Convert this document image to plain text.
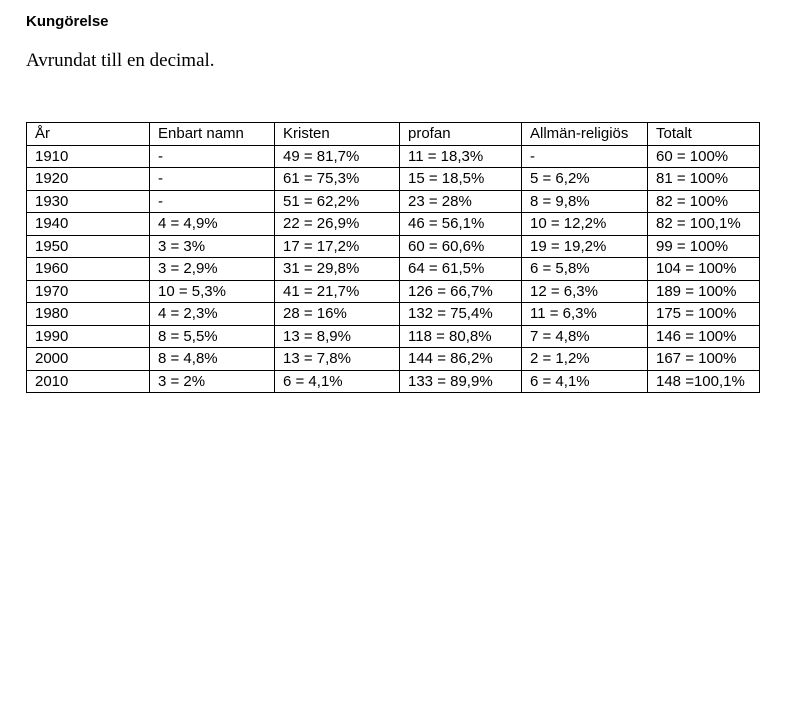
Kungörelse

Avrundat till en decimal.

År	Enbart namn	Kristen	profan	Allmän-religiös	Totalt
1910	-	49 = 81,7%	11 = 18,3%	-	60 = 100%
1920	-	61 = 75,3%	15 = 18,5%	5 = 6,2%	81 = 100%
1930	-	51 = 62,2%	23 = 28%	8 = 9,8%	82 = 100%
1940	4 = 4,9%	22 = 26,9%	46 = 56,1%	10 = 12,2%	82 = 100,1%
1950	3 = 3%	17 = 17,2%	60 = 60,6%	19 = 19,2%	99 = 100%
1960	3 = 2,9%	31 = 29,8%	64 = 61,5%	6 = 5,8%	104 = 100%
1970	10 = 5,3%	41 = 21,7%	126 = 66,7%	12 = 6,3%	189 = 100%
1980	4 = 2,3%	28 = 16%	132 = 75,4%	11 = 6,3%	175 = 100%
1990	8 = 5,5%	13 = 8,9%	118 = 80,8%	7 = 4,8%	146 = 100%
2000	8 = 4,8%	13 = 7,8%	144 = 86,2%	2 = 1,2%	167 = 100%
2010	3 = 2%	6 = 4,1%	133 = 89,9%	6 = 4,1%	148 =100,1%
